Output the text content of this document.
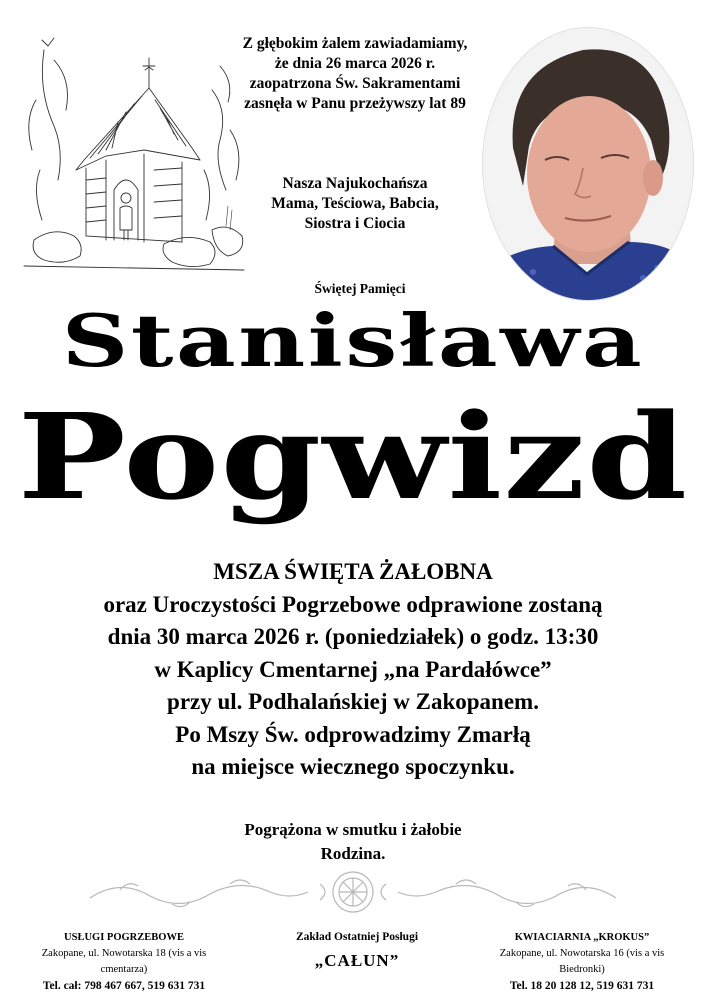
Z głębokim żalem zawiadamiamy,
że dnia 26 marca 2026 r.
zaopatrzona Św. Sakramentami
zasnęła w Panu przeżywszy lat 89
Nasza Najukochańsza
Mama, Teściowa, Babcia,
Siostra i Ciocia
Świętej Pamięci
Stanisława
Pogwizd
MSZA ŚWIĘTA ŻAŁOBNA
oraz Uroczystości Pogrzebowe odprawione zostaną
dnia 30 marca 2026 r. (poniedziałek) o godz. 13:30
w Kaplicy Cmentarnej „na Pardałówce”
przy ul. Podhalańskiej w Zakopanem.
Po Mszy Św. odprowadzimy Zmarłą
na miejsce wiecznego spoczynku.
Pogrążona w smutku i żałobie
Rodzina.
USŁUGI POGRZEBOWE
Zakopane, ul. Nowotarska 18 (vis a vis cmentarza)
Tel. cał: 798 467 667, 519 631 731
Zakład Ostatniej Posługi
„CAŁUN”
KWIACIARNIA „KROKUS”
Zakopane, ul. Nowotarska 16 (vis a vis Biedronki)
Tel. 18 20 128 12, 519 631 731
